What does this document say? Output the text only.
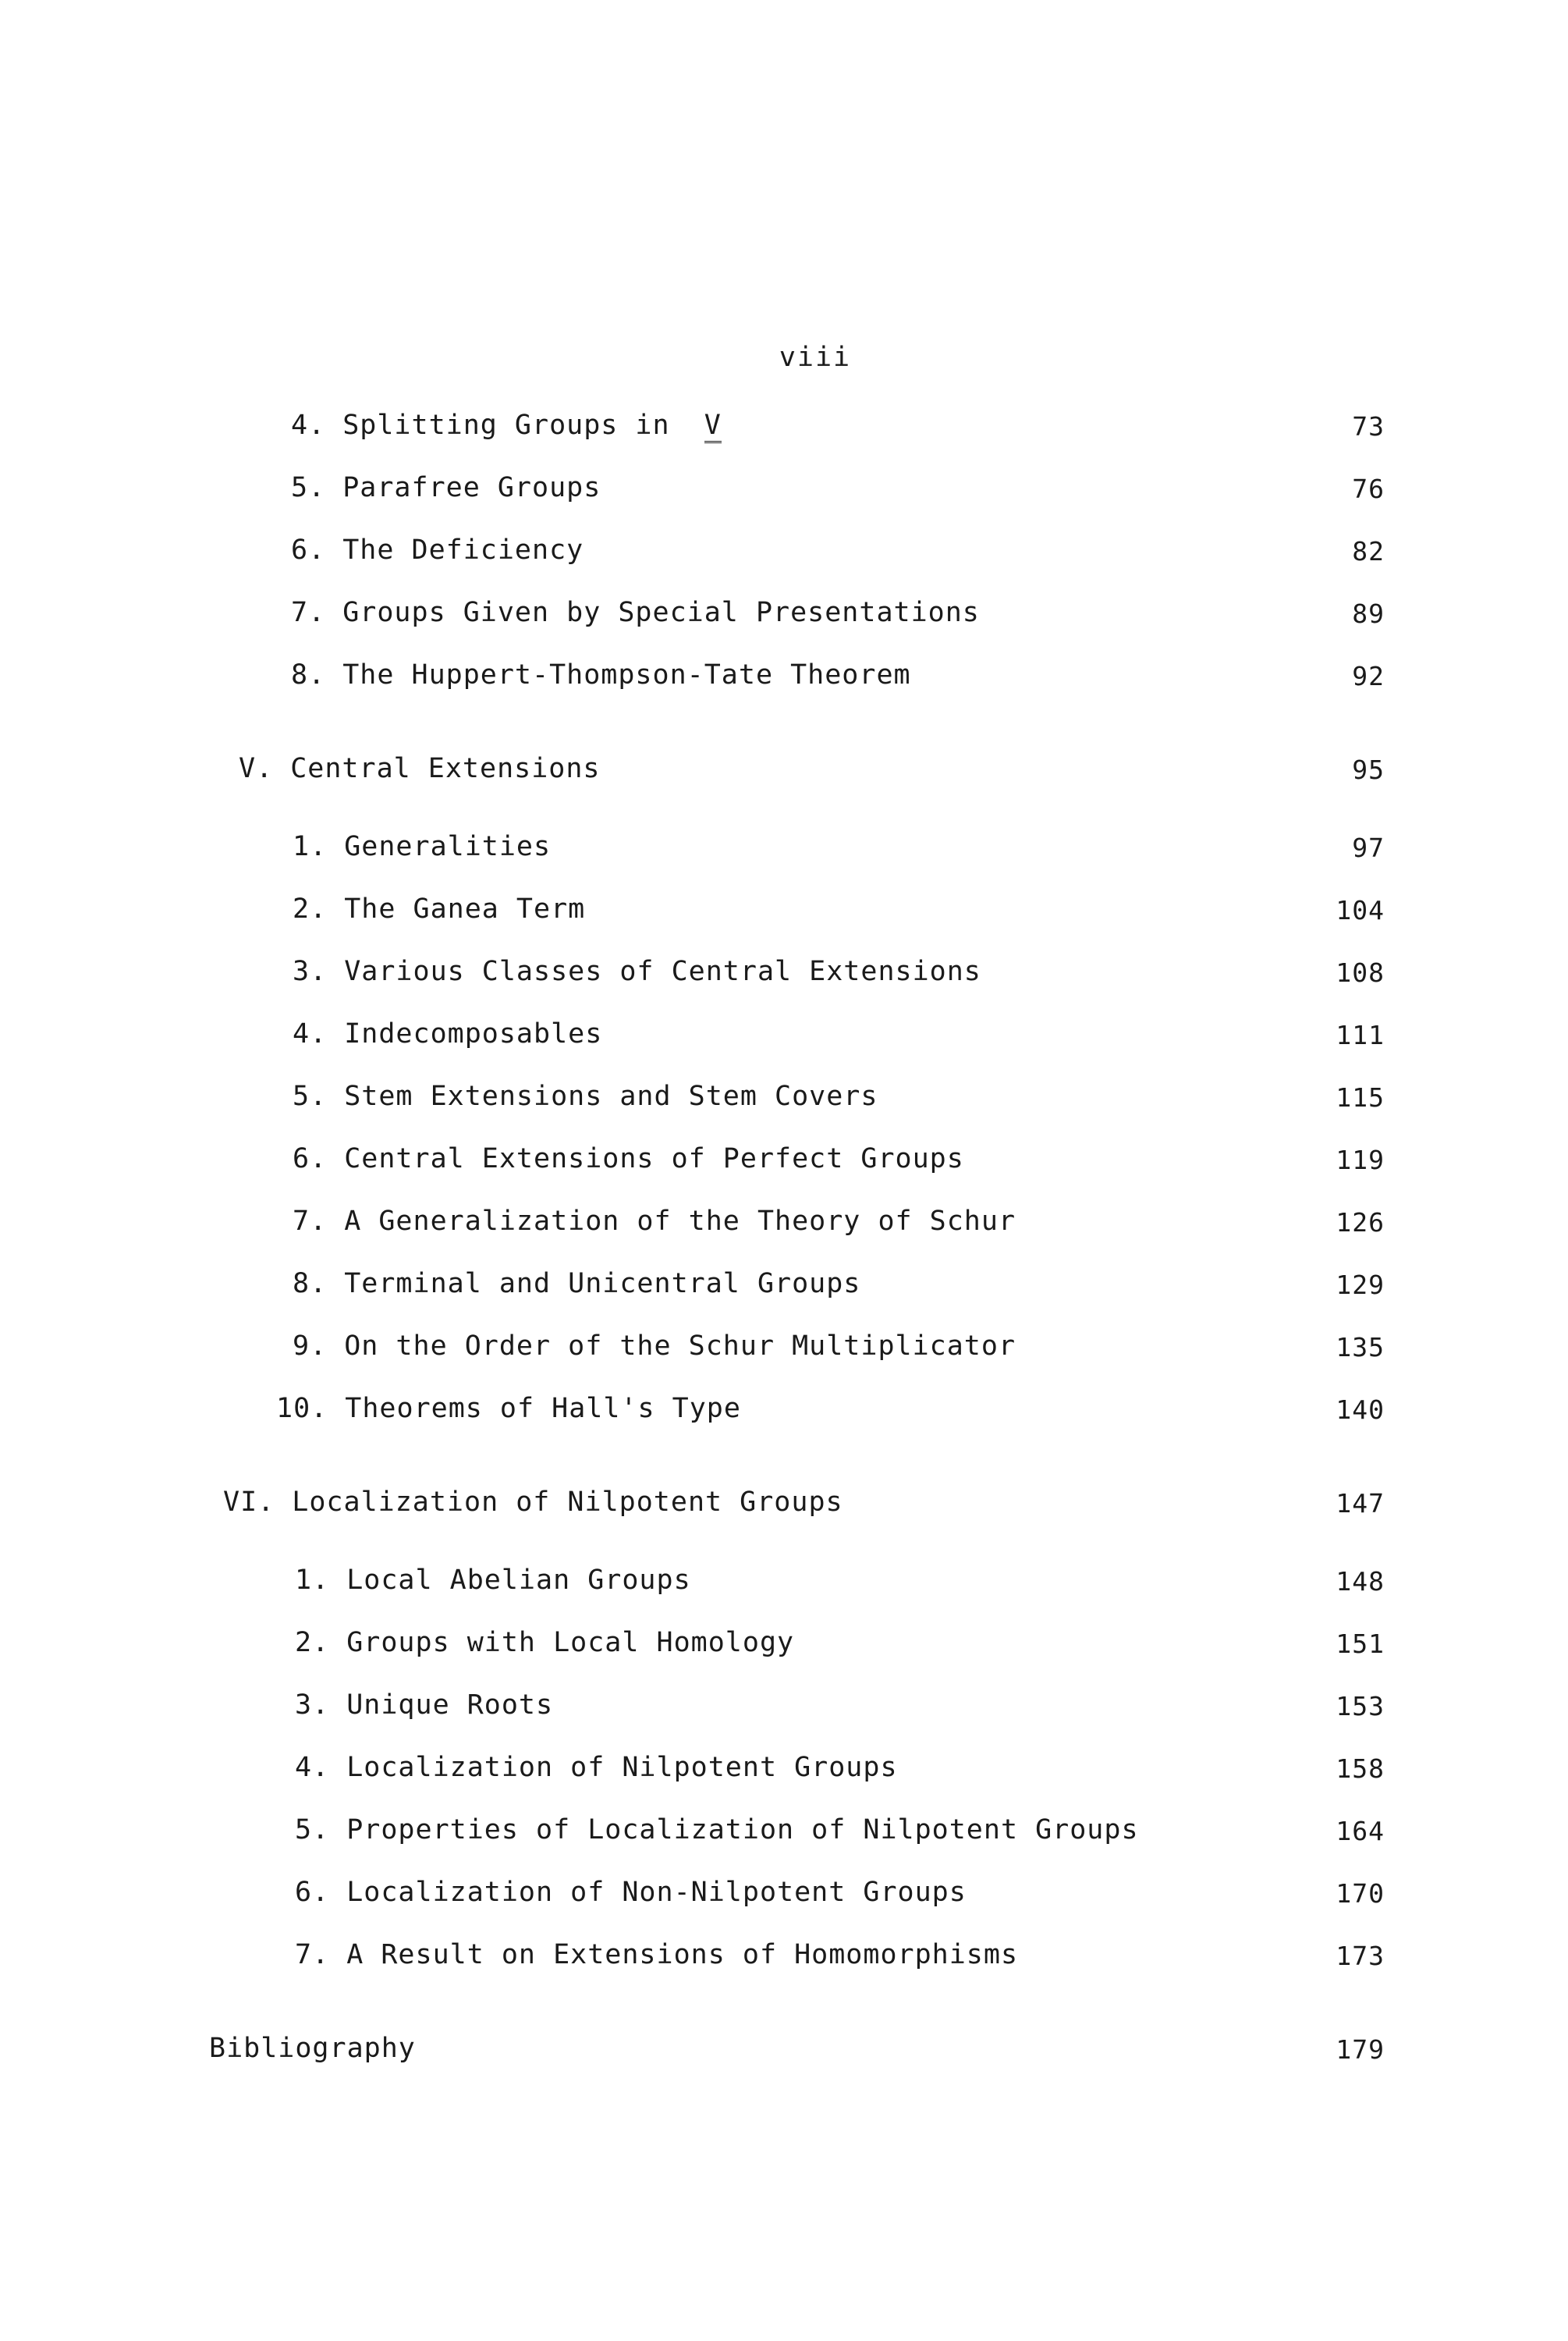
viii
4. Splitting Groups in V	73
5. Parafree Groups	76
6. The Deficiency	82
7. Groups Given by Special Presentations	89
8. The Huppert-Thompson-Tate Theorem	92
V. Central Extensions	95
1. Generalities	97
2. The Ganea Term	104
3. Various Classes of Central Extensions	108
4. Indecomposables	111
5. Stem Extensions and Stem Covers	115
6. Central Extensions of Perfect Groups	119
7. A Generalization of the Theory of Schur	126
8. Terminal and Unicentral Groups	129
9. On the Order of the Schur Multiplicator	135
10. Theorems of Hall's Type	140
VI. Localization of Nilpotent Groups	147
1. Local Abelian Groups	148
2. Groups with Local Homology	151
3. Unique Roots	153
4. Localization of Nilpotent Groups	158
5. Properties of Localization of Nilpotent Groups	164
6. Localization of Non-Nilpotent Groups	170
7. A Result on Extensions of Homomorphisms	173
Bibliography	179
